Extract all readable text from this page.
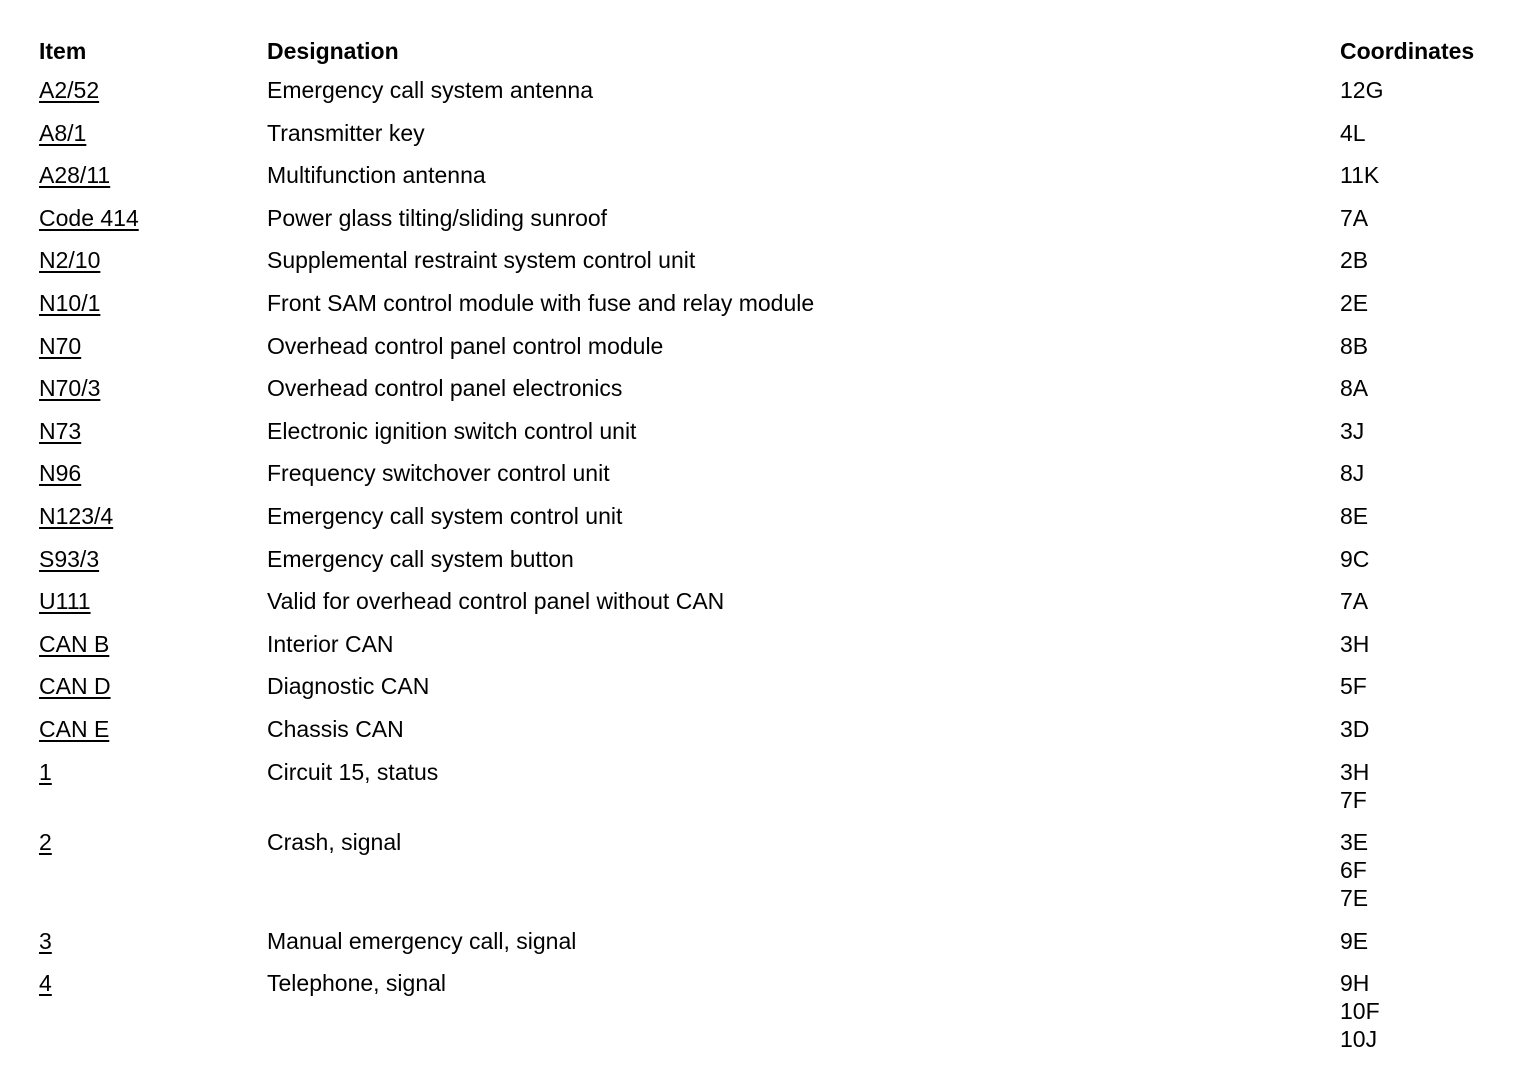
Item	Designation	Coordinates
A2/52	Emergency call system antenna	12G
A8/1	Transmitter key	4L
A28/11	Multifunction antenna	11K
Code 414	Power glass tilting/sliding sunroof	7A
N2/10	Supplemental restraint system control unit	2B
N10/1	Front SAM control module with fuse and relay module	2E
N70	Overhead control panel control module	8B
N70/3	Overhead control panel electronics	8A
N73	Electronic ignition switch control unit	3J
N96	Frequency switchover control unit	8J
N123/4	Emergency call system control unit	8E
S93/3	Emergency call system button	9C
U111	Valid for overhead control panel without CAN	7A
CAN B	Interior CAN	3H
CAN D	Diagnostic CAN	5F
CAN E	Chassis CAN	3D
1	Circuit 15, status	3H
7F
2	Crash, signal	3E
6F
7E
3	Manual emergency call, signal	9E
4	Telephone, signal	9H
10F
10J
